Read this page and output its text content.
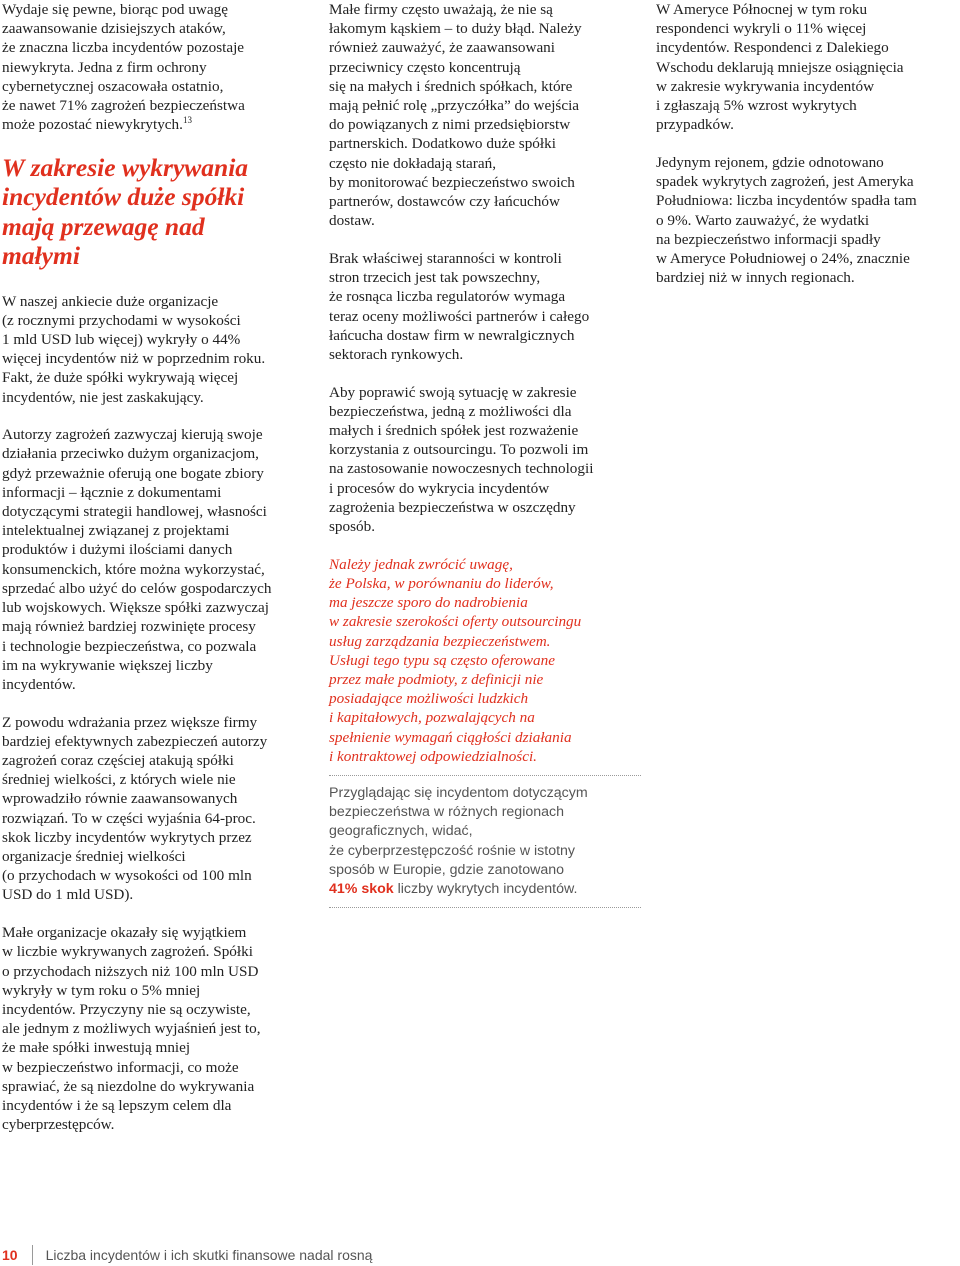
Wydaje się pewne, biorąc pod uwagę
zaawansowanie dzisiejszych ataków,
że znaczna liczba incydentów pozostaje
niewykryta. Jedna z firm ochrony
cybernetycznej oszacowała ostatnio,
że nawet 71% zagrożeń bezpieczeństwa
może pozostać niewykrytych.$^{13}$

W zakresie wykrywania
incydentów duże spółki
mają przewagę nad
małymi

W naszej ankiecie duże organizacje
(z rocznymi przychodami w wysokości
1 mld USD lub więcej) wykryły o 44%
więcej incydentów niż w poprzednim roku.
Fakt, że duże spółki wykrywają więcej
incydentów, nie jest zaskakujący.

Autorzy zagrożeń zazwyczaj kierują swoje
działania przeciwko dużym organizacjom,
gdyż przeważnie oferują one bogate zbiory
informacji – łącznie z dokumentami
dotyczącymi strategii handlowej, własności
intelektualnej związanej z projektami
produktów i dużymi ilościami danych
konsumenckich, które można wykorzystać,
sprzedać albo użyć do celów gospodarczych
lub wojskowych. Większe spółki zazwyczaj
mają również bardziej rozwinięte procesy
i technologie bezpieczeństwa, co pozwala
im na wykrywanie większej liczby
incydentów.

Z powodu wdrażania przez większe firmy
bardziej efektywnych zabezpieczeń autorzy
zagrożeń coraz częściej atakują spółki
średniej wielkości, z których wiele nie
wprowadziło równie zaawansowanych
rozwiązań. To w części wyjaśnia 64-proc.
skok liczby incydentów wykrytych przez
organizacje średniej wielkości
(o przychodach w wysokości od 100 mln
USD do 1 mld USD).

Małe organizacje okazały się wyjątkiem
w liczbie wykrywanych zagrożeń. Spółki
o przychodach niższych niż 100 mln USD
wykryły w tym roku o 5% mniej
incydentów. Przyczyny nie są oczywiste,
ale jednym z możliwych wyjaśnień jest to,
że małe spółki inwestują mniej
w bezpieczeństwo informacji, co może
sprawiać, że są niezdolne do wykrywania
incydentów i że są lepszym celem dla
cyberprzestępców.

Małe firmy często uważają, że nie są
łakomym kąskiem – to duży błąd. Należy
również zauważyć, że zaawansowani
przeciwnicy często koncentrują
się na małych i średnich spółkach, które
mają pełnić rolę „przyczółka” do wejścia
do powiązanych z nimi przedsiębiorstw
partnerskich. Dodatkowo duże spółki
często nie dokładają starań,
by monitorować bezpieczeństwo swoich
partnerów, dostawców czy łańcuchów
dostaw.

Brak właściwej staranności w kontroli
stron trzecich jest tak powszechny,
że rosnąca liczba regulatorów wymaga
teraz oceny możliwości partnerów i całego
łańcucha dostaw firm w newralgicznych
sektorach rynkowych.

Aby poprawić swoją sytuację w zakresie
bezpieczeństwa, jedną z możliwości dla
małych i średnich spółek jest rozważenie
korzystania z outsourcingu. To pozwoli im
na zastosowanie nowoczesnych technologii
i procesów do wykrycia incydentów
zagrożenia bezpieczeństwa w oszczędny
sposób.

Należy jednak zwrócić uwagę,
że Polska, w porównaniu do liderów,
ma jeszcze sporo do nadrobienia
w zakresie szerokości oferty outsourcingu
usług zarządzania bezpieczeństwem.
Usługi tego typu są często oferowane
przez małe podmioty, z definicji nie
posiadające możliwości ludzkich
i kapitałowych, pozwalających na
spełnienie wymagań ciągłości działania
i kontraktowej odpowiedzialności.

Przyglądając się incydentom dotyczącym
bezpieczeństwa w różnych regionach
geograficznych, widać,
że cyberprzestępczość rośnie w istotny
sposób w Europie, gdzie zanotowano
41% skok liczby wykrytych incydentów.

W Ameryce Północnej w tym roku
respondenci wykryli o 11% więcej
incydentów. Respondenci z Dalekiego
Wschodu deklarują mniejsze osiągnięcia
w zakresie wykrywania incydentów
i zgłaszają 5% wzrost wykrytych
przypadków.

Jedynym rejonem, gdzie odnotowano
spadek wykrytych zagrożeń, jest Ameryka
Południowa: liczba incydentów spadła tam
o 9%. Warto zauważyć, że wydatki
na bezpieczeństwo informacji spadły
w Ameryce Południowej o 24%, znacznie
bardziej niż w innych regionach.

10 Liczba incydentów i ich skutki finansowe nadal rosną
